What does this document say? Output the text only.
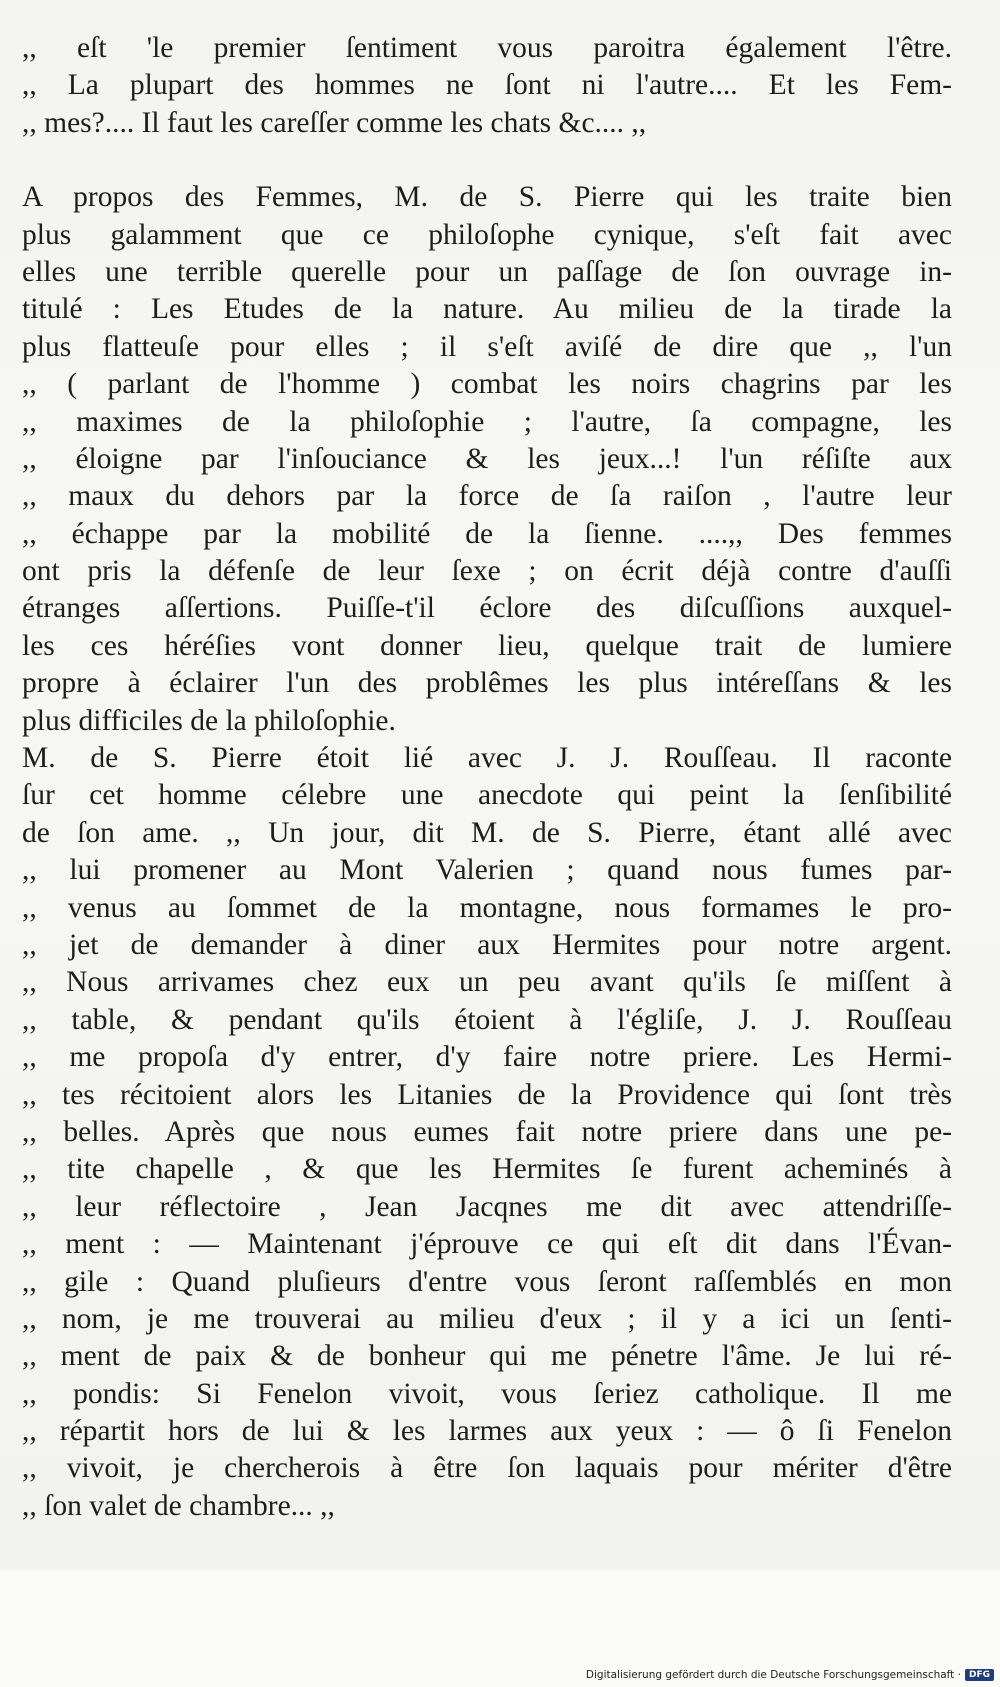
,, eſt 'le premier ſentiment vous paroitra également l'être.
,, La plupart des hommes ne ſont ni l'autre.... Et les Fem-
,, mes?.... Il faut les careſſer comme les chats &c.... ,,
A propos des Femmes, M. de S. Pierre qui les traite bien
plus galamment que ce philoſophe cynique, s'eſt fait avec
elles une terrible querelle pour un paſſage de ſon ouvrage in-
titulé : Les Etudes de la nature. Au milieu de la tirade la
plus flatteuſe pour elles ; il s'eſt aviſé de dire que ,, l'un
,, ( parlant de l'homme ) combat les noirs chagrins par les
,, maximes de la philoſophie ; l'autre, ſa compagne, les
,, éloigne par l'inſouciance & les jeux...! l'un réſiſte aux
,, maux du dehors par la force de ſa raiſon , l'autre leur
,, échappe par la mobilité de la ſienne. ....,, Des femmes
ont pris la défenſe de leur ſexe ; on écrit déjà contre d'auſſi
étranges aſſertions. Puiſſe-t'il éclore des diſcuſſions auxquel-
les ces héréſies vont donner lieu, quelque trait de lumiere
propre à éclairer l'un des problêmes les plus intéreſſans & les
plus difficiles de la philoſophie.
M. de S. Pierre étoit lié avec J. J. Rouſſeau. Il raconte
ſur cet homme célebre une anecdote qui peint la ſenſibilité
de ſon ame. ,, Un jour, dit M. de S. Pierre, étant allé avec
,, lui promener au Mont Valerien ; quand nous fumes par-
,, venus au ſommet de la montagne, nous formames le pro-
,, jet de demander à diner aux Hermites pour notre argent.
,, Nous arrivames chez eux un peu avant qu'ils ſe miſſent à
,, table, & pendant qu'ils étoient à l'égliſe, J. J. Rouſſeau
,, me propoſa d'y entrer, d'y faire notre priere. Les Hermi-
,, tes récitoient alors les Litanies de la Providence qui ſont très
,, belles. Après que nous eumes fait notre priere dans une pe-
,, tite chapelle , & que les Hermites ſe furent acheminés à
,, leur réflectoire , Jean Jacqnes me dit avec attendriſſe-
,, ment : — Maintenant j'éprouve ce qui eſt dit dans l'Évan-
,, gile : Quand pluſieurs d'entre vous ſeront raſſemblés en mon
,, nom, je me trouverai au milieu d'eux ; il y a ici un ſenti-
,, ment de paix & de bonheur qui me pénetre l'âme. Je lui ré-
,, pondis: Si Fenelon vivoit, vous ſeriez catholique. Il me
,, répartit hors de lui & les larmes aux yeux : — ô ſi Fenelon
,, vivoit, je chercherois à être ſon laquais pour mériter d'être
,, ſon valet de chambre... ,,
Digitalisierung gefördert durch die Deutsche Forschungsgemeinschaft · DFG
